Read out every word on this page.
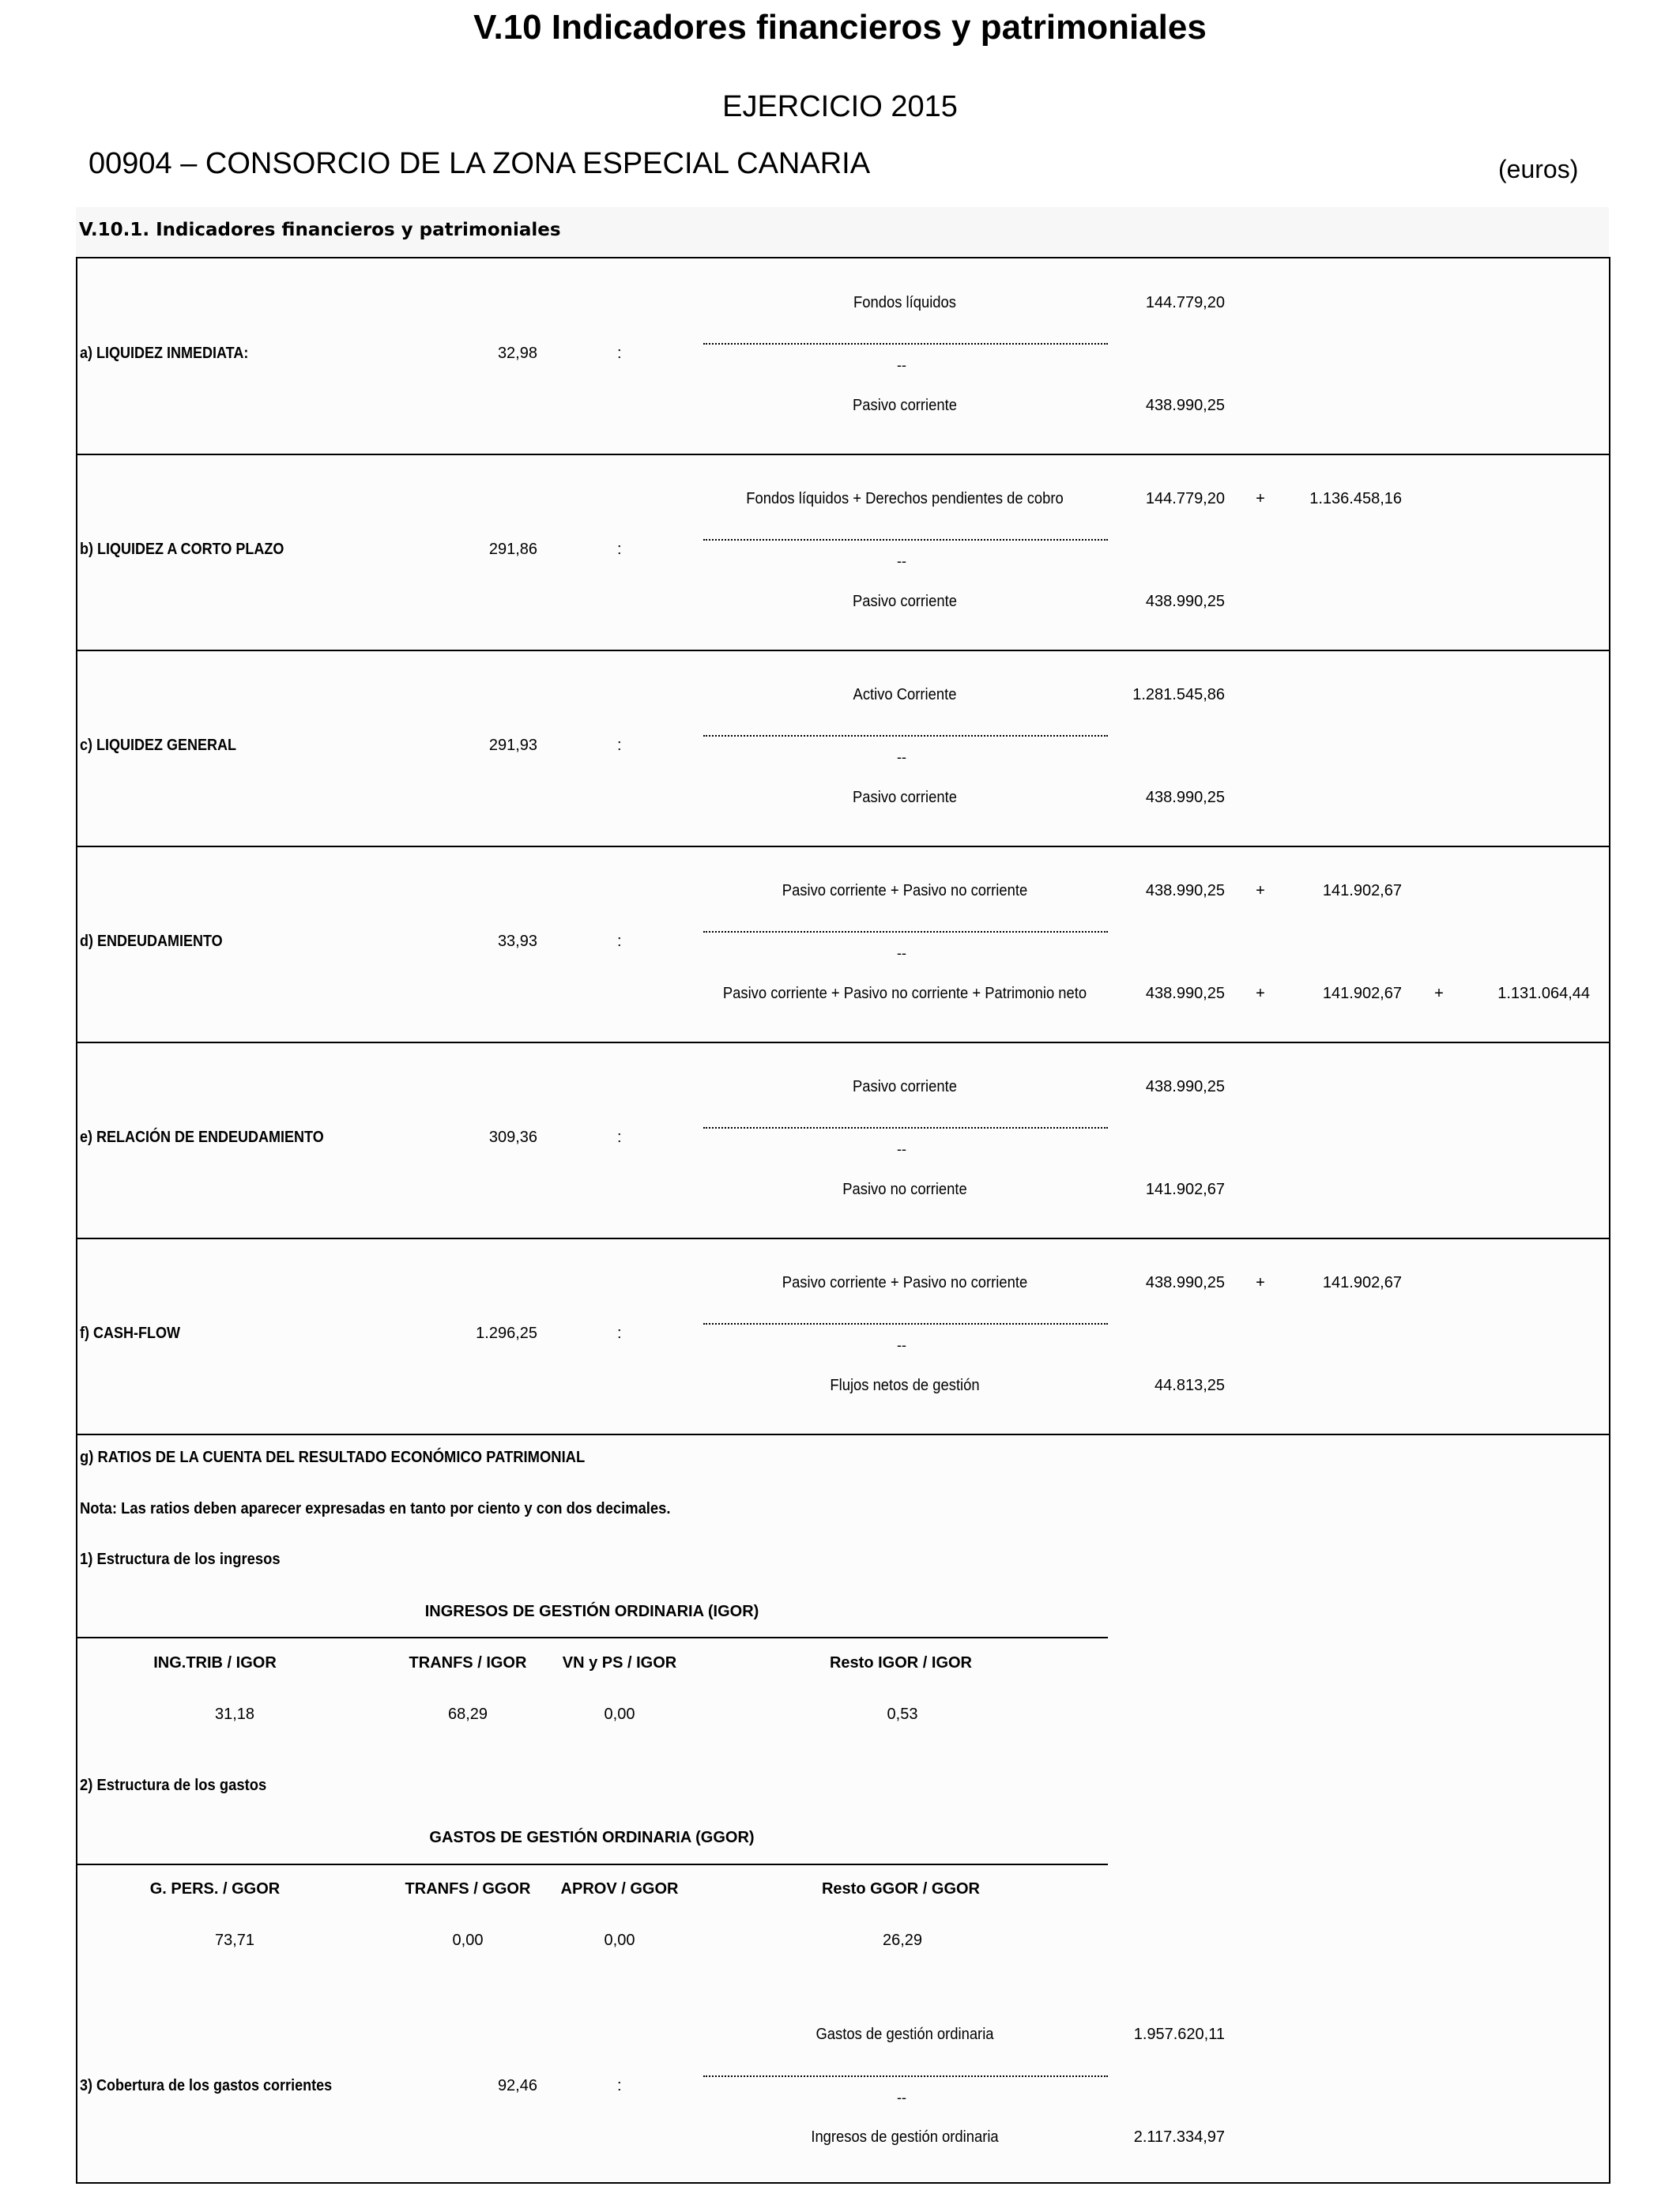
V.10 Indicadores financieros y patrimoniales
EJERCICIO 2015
00904 – CONSORCIO DE LA ZONA ESPECIAL CANARIA	(euros)
V.10.1. Indicadores financieros y patrimoniales
a) LIQUIDEZ INMEDIATA:	32,98	:
Fondos líquidos	144.779,20
--
Pasivo corriente	438.990,25
b) LIQUIDEZ A CORTO PLAZO	291,86	:
Fondos líquidos + Derechos pendientes de cobro	144.779,20	+	1.136.458,16
--
Pasivo corriente	438.990,25
c) LIQUIDEZ GENERAL	291,93	:
Activo Corriente	1.281.545,86
--
Pasivo corriente	438.990,25
d) ENDEUDAMIENTO	33,93	:
Pasivo corriente + Pasivo no corriente	438.990,25	+	141.902,67
--
Pasivo corriente + Pasivo no corriente + Patrimonio neto	438.990,25	+	141.902,67	+	1.131.064,44
e) RELACIÓN DE ENDEUDAMIENTO	309,36	:
Pasivo corriente	438.990,25
--
Pasivo no corriente	141.902,67
f) CASH-FLOW	1.296,25	:
Pasivo corriente + Pasivo no corriente	438.990,25	+	141.902,67
--
Flujos netos de gestión	44.813,25
g) RATIOS DE LA CUENTA DEL RESULTADO ECONÓMICO PATRIMONIAL
Nota: Las ratios deben aparecer expresadas en tanto por ciento y con dos decimales.
1) Estructura de los ingresos
INGRESOS DE GESTIÓN ORDINARIA (IGOR)
ING.TRIB / IGOR	TRANFS / IGOR	VN y PS / IGOR	Resto IGOR / IGOR
31,18	68,29	0,00	0,53
2) Estructura de los gastos
GASTOS DE GESTIÓN ORDINARIA (GGOR)
G. PERS. / GGOR	TRANFS / GGOR	APROV / GGOR	Resto GGOR / GGOR
73,71	0,00	0,00	26,29
3) Cobertura de los gastos corrientes	92,46	:
Gastos de gestión ordinaria	1.957.620,11
--
Ingresos de gestión ordinaria	2.117.334,97
